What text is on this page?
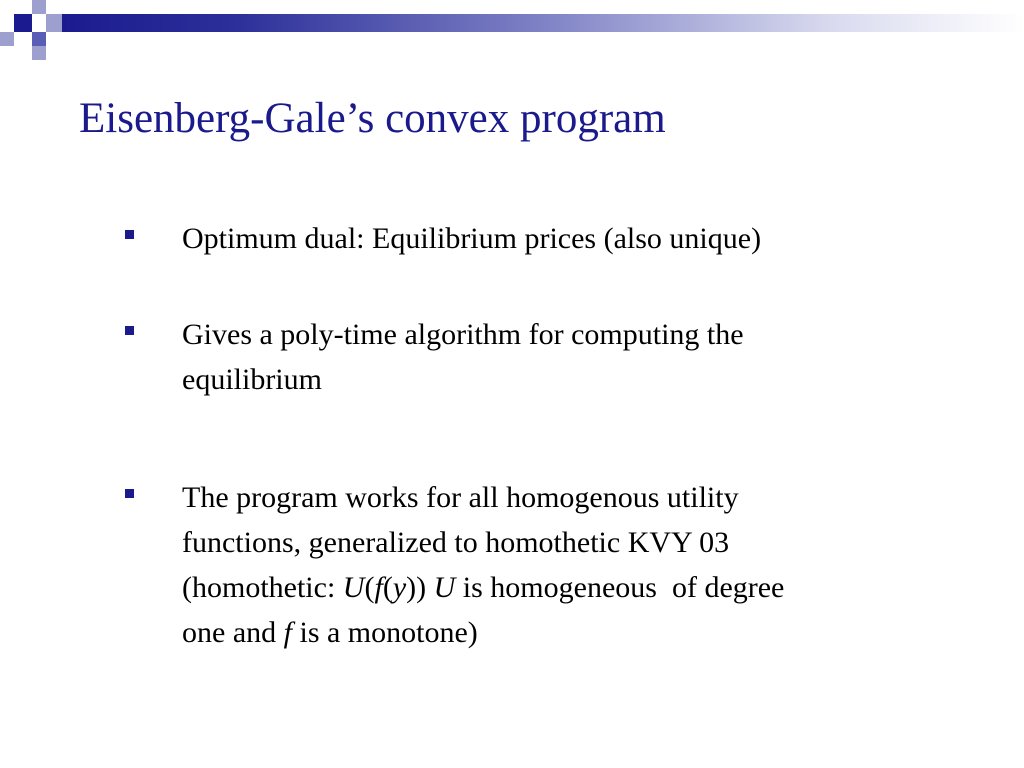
Eisenberg-Gale’s convex program
Optimum dual: Equilibrium prices (also unique)
Gives a poly-time algorithm for computing the
equilibrium
The program works for all homogenous utility
functions, generalized to homothetic KVY 03
(homothetic: U(f(y)) U is homogeneous  of degree
one and f is a monotone)
